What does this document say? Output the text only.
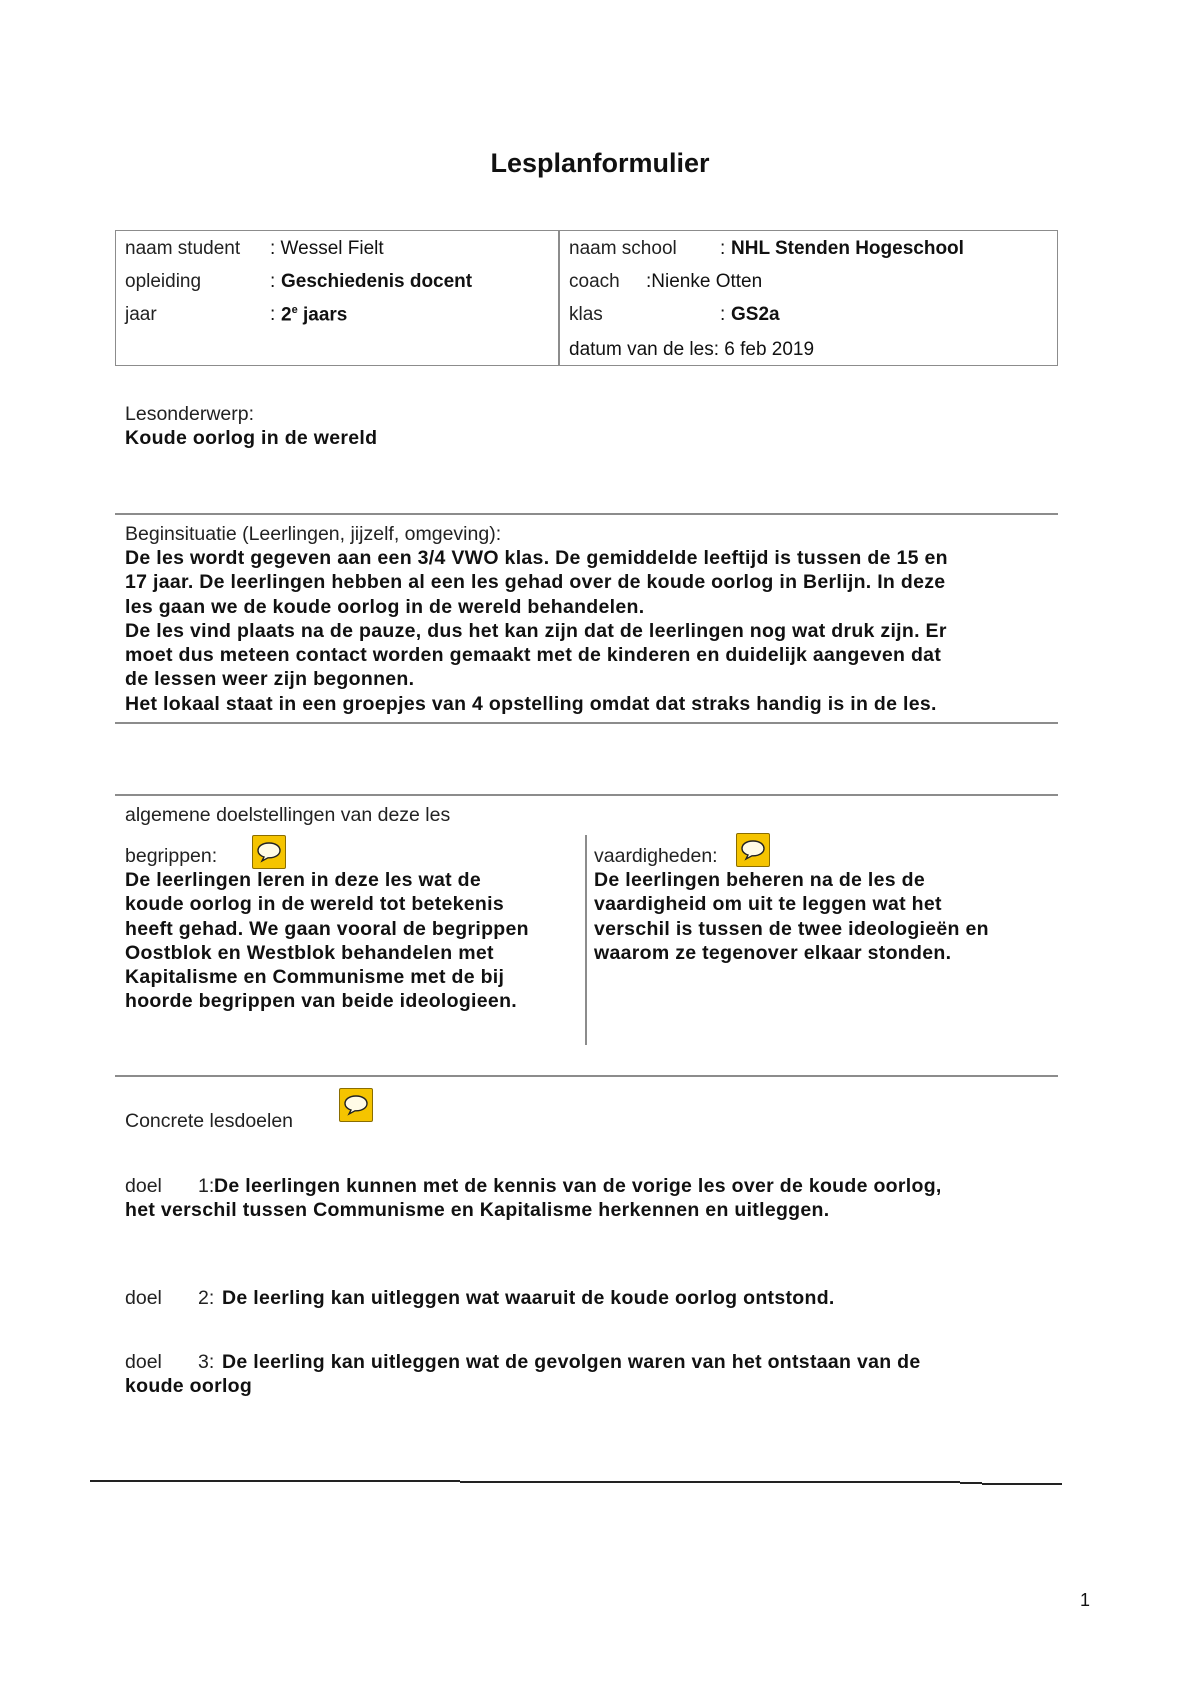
Lesplanformulier
naam student : Wessel Fielt
opleiding	: Geschiedenis docent
jaar	: 2e jaars
naam school : NHL Stenden Hogeschool
coach :Nienke Otten
klas	: GS2a
datum van de les: 6 feb 2019
Lesonderwerp:
Koude oorlog in de wereld
Beginsituatie (Leerlingen, jijzelf, omgeving):
De les wordt gegeven aan een 3/4 VWO klas. De gemiddelde leeftijd is tussen de 15 en
17 jaar. De leerlingen hebben al een les gehad over de koude oorlog in Berlijn. In deze
les gaan we de koude oorlog in de wereld behandelen.
De les vind plaats na de pauze, dus het kan zijn dat de leerlingen nog wat druk zijn. Er
moet dus meteen contact worden gemaakt met de kinderen en duidelijk aangeven dat
de lessen weer zijn begonnen.
Het lokaal staat in een groepjes van 4 opstelling omdat dat straks handig is in de les.
algemene doelstellingen van deze les
begrippen:
De leerlingen leren in deze les wat de
koude oorlog in de wereld tot betekenis
heeft gehad. We gaan vooral de begrippen
Oostblok en Westblok behandelen met
Kapitalisme en Communisme met de bij
hoorde begrippen van beide ideologieen.
vaardigheden:
De leerlingen beheren na de les de
vaardigheid om uit te leggen wat het
verschil is tussen de twee ideologieën en
waarom ze tegenover elkaar stonden.
Concrete lesdoelen
doel 1: De leerlingen kunnen met de kennis van de vorige les over de koude oorlog,
het verschil tussen Communisme en Kapitalisme herkennen en uitleggen.
doel 2: De leerling kan uitleggen wat waaruit de koude oorlog ontstond.
doel 3: De leerling kan uitleggen wat de gevolgen waren van het ontstaan van de
koude oorlog
1
